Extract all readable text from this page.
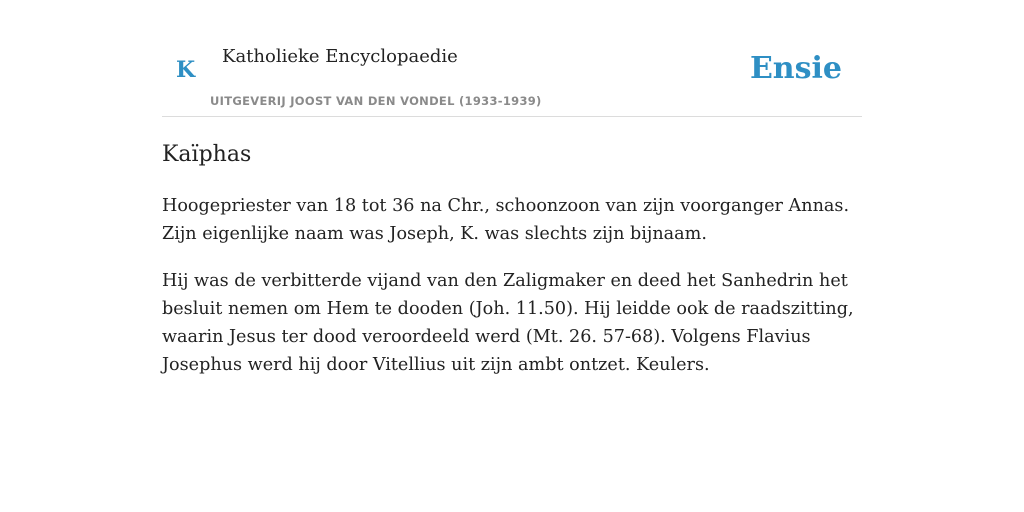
K
Katholieke Encyclopaedie
UITGEVERIJ JOOST VAN DEN VONDEL (1933-1939)
Ensie
Kaïphas

Hoogepriester van 18 tot 36 na Chr., schoonzoon van zijn voorganger Annas. Zijn eigenlijke naam was Joseph, K. was slechts zijn bijnaam.

Hij was de verbitterde vijand van den Zaligmaker en deed het Sanhedrin het besluit nemen om Hem te dooden (Joh. 11.50). Hij leidde ook de raadszitting, waarin Jesus ter dood veroordeeld werd (Mt. 26. 57-68). Volgens Flavius Josephus werd hij door Vitellius uit zijn ambt ontzet. Keulers.
